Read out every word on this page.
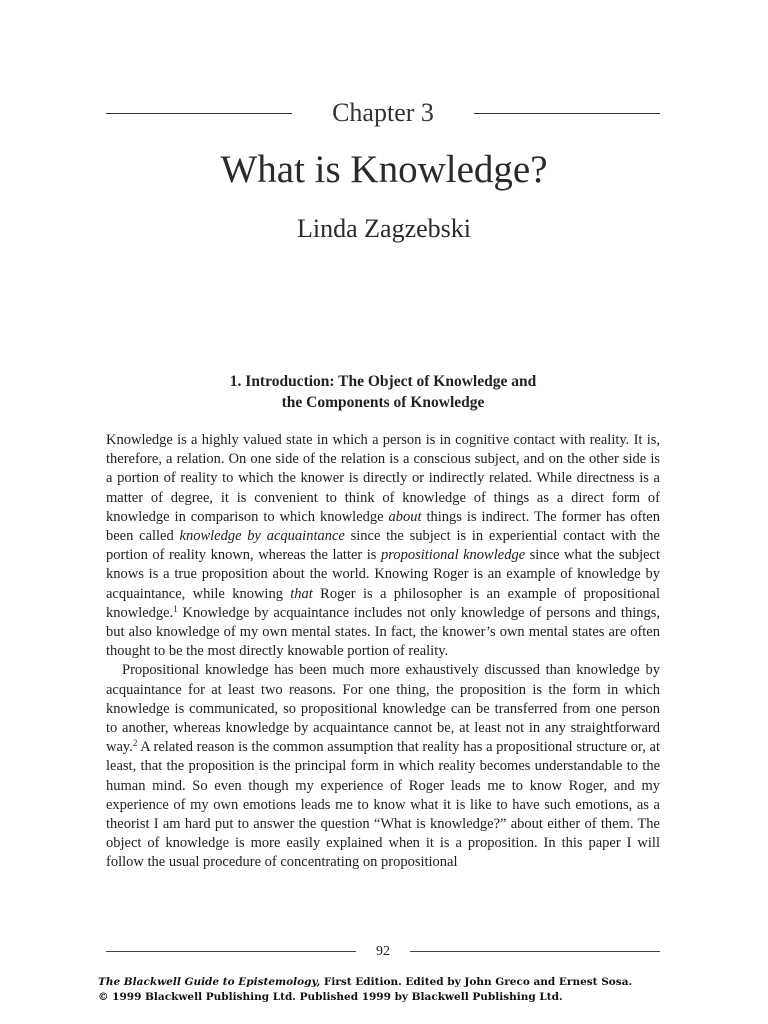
Chapter 3
What is Knowledge?
Linda Zagzebski
1. Introduction: The Object of Knowledge and
the Components of Knowledge

Knowledge is a highly valued state in which a person is in cognitive contact with reality. It is, therefore, a relation. On one side of the relation is a conscious subject, and on the other side is a portion of reality to which the knower is directly or indirectly related. While directness is a matter of degree, it is convenient to think of knowledge of things as a direct form of knowledge in comparison to which knowledge about things is indirect. The former has often been called knowledge by acquaintance since the subject is in experiential contact with the portion of reality known, whereas the latter is propositional knowledge since what the subject knows is a true proposition about the world. Knowing Roger is an example of knowledge by acquaintance, while knowing that Roger is a philosopher is an example of propositional knowledge.$^1$ Knowledge by acquaintance includes not only knowledge of persons and things, but also knowledge of my own mental states. In fact, the knower’s own mental states are often thought to be the most directly knowable portion of reality.

Propositional knowledge has been much more exhaustively discussed than knowledge by acquaintance for at least two reasons. For one thing, the proposition is the form in which knowledge is communicated, so propositional knowledge can be transferred from one person to another, whereas knowledge by acquaintance cannot be, at least not in any straightforward way.$^2$ A related reason is the common assumption that reality has a propositional structure or, at least, that the proposition is the principal form in which reality becomes understandable to the human mind. So even though my experience of Roger leads me to know Roger, and my experience of my own emotions leads me to know what it is like to have such emotions, as a theorist I am hard put to answer the question “What is knowledge?” about either of them. The object of knowledge is more easily explained when it is a proposition. In this paper I will follow the usual procedure of concentrating on propositional

92
The Blackwell Guide to Epistemology, First Edition. Edited by John Greco and Ernest Sosa.
© 1999 Blackwell Publishing Ltd. Published 1999 by Blackwell Publishing Ltd.
